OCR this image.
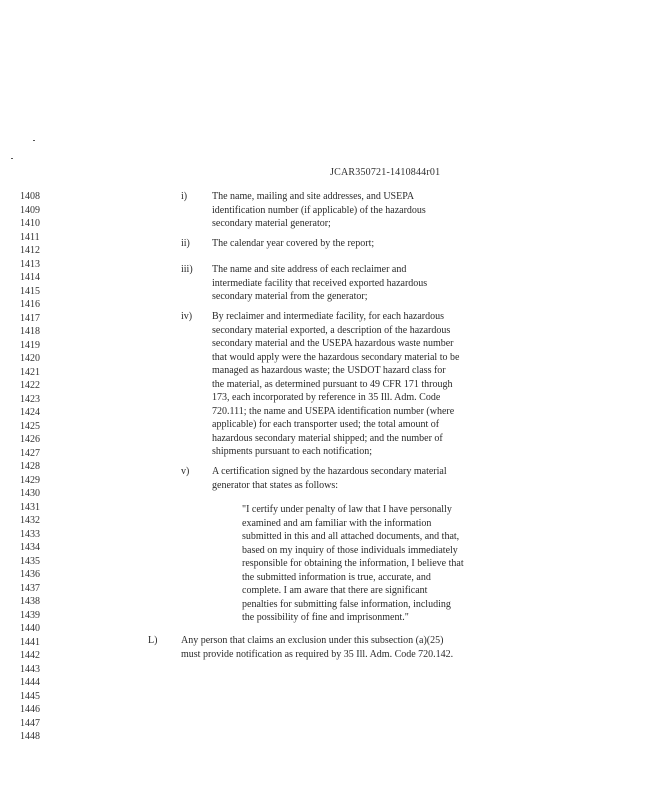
JCAR350721-1410844r01
1408
1409
1410
1411
1412
1413
1414
1415
1416
1417
1418
1419
1420
1421
1422
1423
1424
1425
1426
1427
1428
1429
1430
1431
1432
1433
1434
1435
1436
1437
1438
1439
1440
1441
1442
1443
1444
1445
1446
1447
1448
i) The name, mailing and site addresses, and USEPA identification number (if applicable) of the hazardous secondary material generator;
ii) The calendar year covered by the report;
iii) The name and site address of each reclaimer and intermediate facility that received exported hazardous secondary material from the generator;
iv) By reclaimer and intermediate facility, for each hazardous secondary material exported, a description of the hazardous secondary material and the USEPA hazardous waste number that would apply were the hazardous secondary material to be managed as hazardous waste; the USDOT hazard class for the material, as determined pursuant to 49 CFR 171 through 173, each incorporated by reference in 35 Ill. Adm. Code 720.111; the name and USEPA identification number (where applicable) for each transporter used; the total amount of hazardous secondary material shipped; and the number of shipments pursuant to each notification;
v) A certification signed by the hazardous secondary material generator that states as follows:
"I certify under penalty of law that I have personally examined and am familiar with the information submitted in this and all attached documents, and that, based on my inquiry of those individuals immediately responsible for obtaining the information, I believe that the submitted information is true, accurate, and complete. I am aware that there are significant penalties for submitting false information, including the possibility of fine and imprisonment."
L) Any person that claims an exclusion under this subsection (a)(25) must provide notification as required by 35 Ill. Adm. Code 720.142.
